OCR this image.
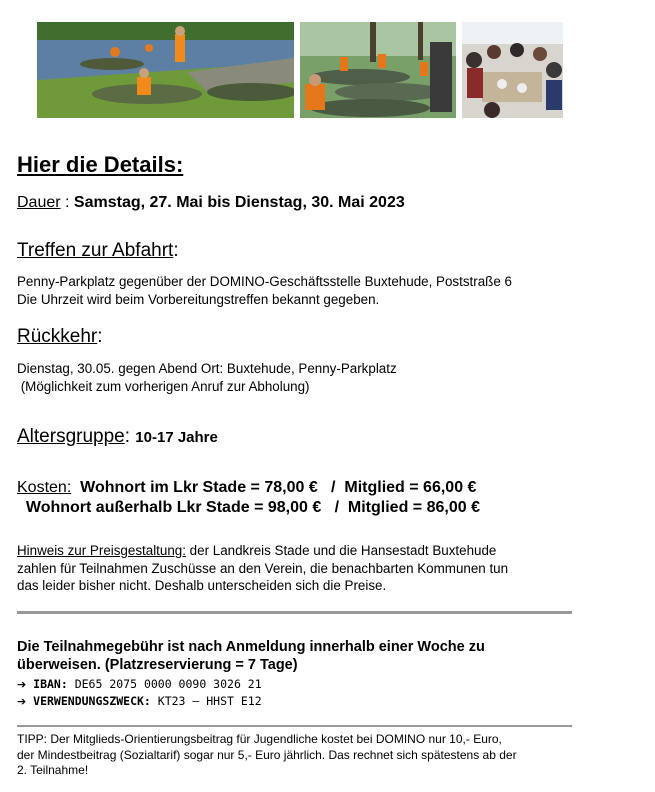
Hier die Details:
Dauer : Samstag, 27. Mai bis Dienstag, 30. Mai 2023
Treffen zur Abfahrt:
Penny-Parkplatz gegenüber der DOMINO-Geschäftsstelle Buxtehude, Poststraße 6
Die Uhrzeit wird beim Vorbereitungstreffen bekannt gegeben.
Rückkehr:
Dienstag, 30.05. gegen Abend Ort: Buxtehude, Penny-Parkplatz
(Möglichkeit zum vorherigen Anruf zur Abholung)
Altersgruppe: 10-17 Jahre
Kosten:  Wohnort im Lkr Stade = 78,00 €   /  Mitglied = 66,00 €
Wohnort außerhalb Lkr Stade = 98,00 €   /  Mitglied = 86,00 €
Hinweis zur Preisgestaltung: der Landkreis Stade und die Hansestadt Buxtehude
zahlen für Teilnahmen Zuschüsse an den Verein, die benachbarten Kommunen tun
das leider bisher nicht. Deshalb unterscheiden sich die Preise.
Die Teilnahmegebühr ist nach Anmeldung innerhalb einer Woche zu
überweisen. (Platzreservierung = 7 Tage)
➔ IBAN: DE65 2075 0000 0090 3026 21
➔ VERWENDUNGSZWECK: KT23 – HHST E12
TIPP: Der Mitglieds-Orientierungsbeitrag für Jugendliche kostet bei DOMINO nur 10,- Euro,
der Mindestbeitrag (Sozialtarif) sogar nur 5,- Euro jährlich. Das rechnet sich spätestens ab der
2. Teilnahme!
